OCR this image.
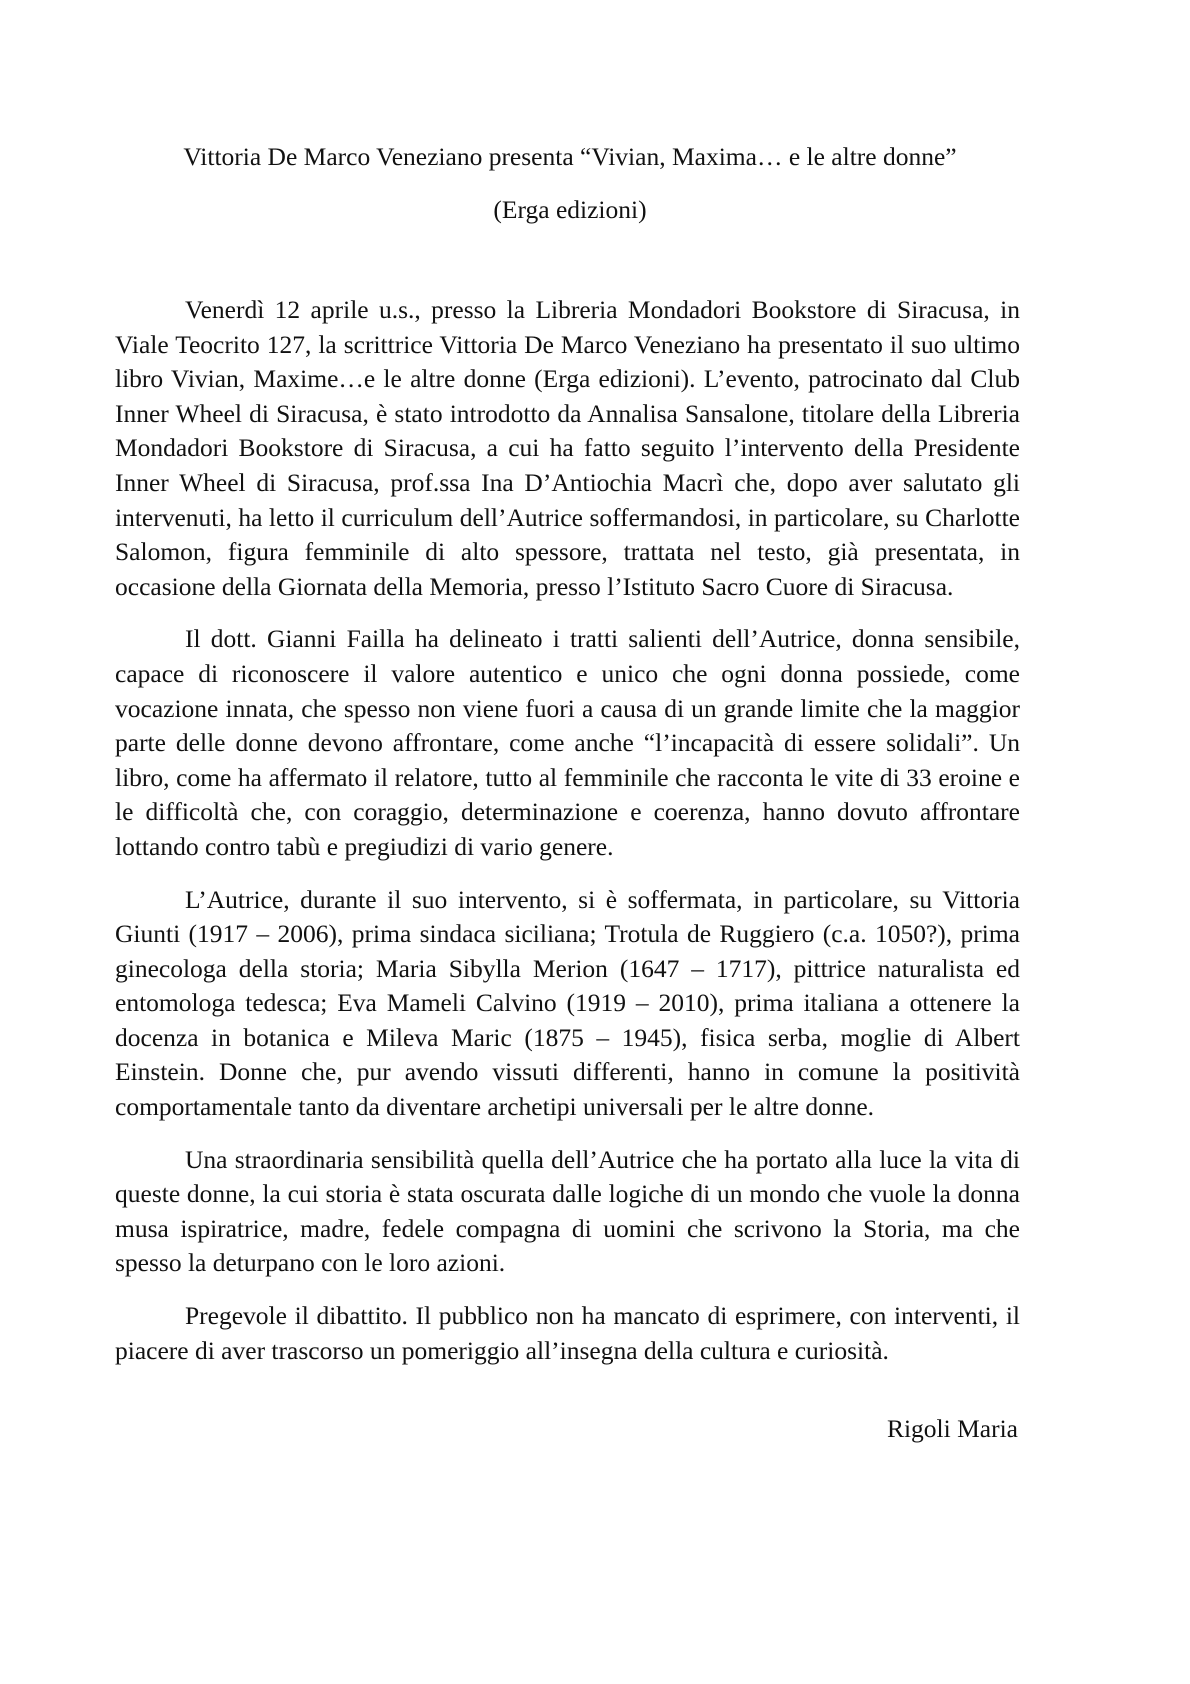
Vittoria De Marco Veneziano presenta “Vivian, Maxima… e le altre donne”

(Erga edizioni)

Venerdì 12 aprile u.s., presso la Libreria Mondadori Bookstore di Siracusa, in Viale Teocrito 127, la scrittrice Vittoria De Marco Veneziano ha presentato il suo ultimo libro Vivian, Maxime…e le altre donne (Erga edizioni). L’evento, patrocinato dal Club Inner Wheel di Siracusa, è stato introdotto da Annalisa Sansalone, titolare della Libreria Mondadori Bookstore di Siracusa, a cui ha fatto seguito l’intervento della Presidente Inner Wheel di Siracusa, prof.ssa Ina D’Antiochia Macrì che, dopo aver salutato gli intervenuti, ha letto il curriculum dell’Autrice soffermandosi, in particolare, su Charlotte Salomon, figura femminile di alto spessore, trattata nel testo, già presentata, in occasione della Giornata della Memoria, presso l’Istituto Sacro Cuore di Siracusa.

Il dott. Gianni Failla ha delineato i tratti salienti dell’Autrice, donna sensibile, capace di riconoscere il valore autentico e unico che ogni donna possiede, come vocazione innata, che spesso non viene fuori a causa di un grande limite che la maggior parte delle donne devono affrontare, come anche “l’incapacità di essere solidali”. Un libro, come ha affermato il relatore, tutto al femminile che racconta le vite di 33 eroine e le difficoltà che, con coraggio, determinazione e coerenza, hanno dovuto affrontare lottando contro tabù e pregiudizi di vario genere.

L’Autrice, durante il suo intervento, si è soffermata, in particolare, su Vittoria Giunti (1917 – 2006), prima sindaca siciliana; Trotula de Ruggiero (c.a. 1050?), prima ginecologa della storia; Maria Sibylla Merion (1647 – 1717), pittrice naturalista ed entomologa tedesca; Eva Mameli Calvino (1919 – 2010), prima italiana a ottenere la docenza in botanica e Mileva Maric (1875 – 1945), fisica serba, moglie di Albert Einstein. Donne che, pur avendo vissuti differenti, hanno in comune la positività comportamentale tanto da diventare archetipi universali per le altre donne.

Una straordinaria sensibilità quella dell’Autrice che ha portato alla luce la vita di queste donne, la cui storia è stata oscurata dalle logiche di un mondo che vuole la donna musa ispiratrice, madre, fedele compagna di uomini che scrivono la Storia, ma che spesso la deturpano con le loro azioni.

Pregevole il dibattito. Il pubblico non ha mancato di esprimere, con interventi, il piacere di aver trascorso un pomeriggio all’insegna della cultura e curiosità.

Rigoli Maria
